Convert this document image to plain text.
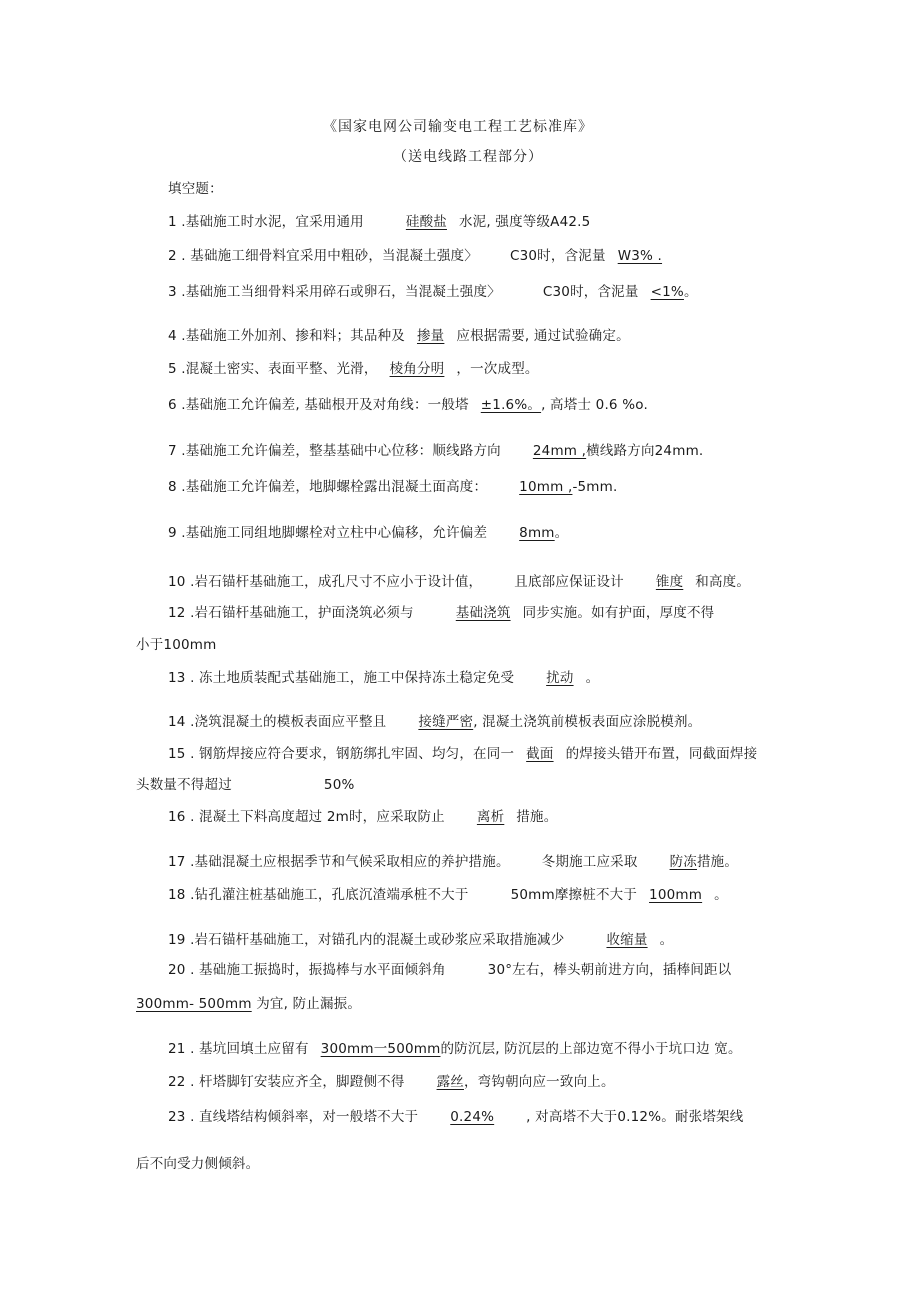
《国家电网公司输变电工程工艺标准库》
（送电线路工程部分）
填空题：
1 .基础施工时水泥，宜采用通用	硅酸盐 水泥, 强度等级A42.5
2 . 基础施工细骨料宜采用中粗砂，当混凝土强度〉 C30时，含泥量 W3% .
3 .基础施工当细骨料采用碎石或卵石，当混凝土强度〉	C30时，含泥量 <1%。
4 .基础施工外加剂、掺和料；其品种及 掺量 应根据需要, 通过试验确定。
5 .混凝土密实、表面平整、光滑， 棱角分明 ，一次成型。
6 .基础施工允许偏差, 基础根开及对角线：一般塔 ±1.6%。, 高塔士 0.6 %o.
7 .基础施工允许偏差，整基基础中心位移：顺线路方向 24mm ,横线路方向24mm.
8 .基础施工允许偏差，地脚螺栓露出混凝土面高度： 10mm ,-5mm.
9 .基础施工同组地脚螺栓对立柱中心偏移，允许偏差 8mm。
10 .岩石锚杆基础施工，成孔尺寸不应小于设计值， 且底部应保证设计 锥度 和高度。
12 .岩石锚杆基础施工，护面浇筑必须与	基础浇筑 同步实施。如有护面，厚度不得
小于100mm
13 . 冻土地质装配式基础施工，施工中保持冻土稳定免受 扰动 。
14 .浇筑混凝土的模板表面应平整且 接缝严密, 混凝土浇筑前模板表面应涂脱模剂。
15 . 钢筋焊接应符合要求，钢筋绑扎牢固、均匀，在同一 截面 的焊接头错开布置，同截面焊接
头数量不得超过	50%
16 . 混凝土下料高度超过 2m时，应采取防止 离析 措施。
17 .基础混凝土应根据季节和气候采取相应的养护措施。 冬期施工应采取 防冻措施。
18 .钻孔灌注桩基础施工，孔底沉渣端承桩不大于	50mm摩擦桩不大于 100mm 。
19 .岩石锚杆基础施工，对锚孔内的混凝土或砂浆应采取措施减少	收缩量 。
20 . 基础施工振捣时，振捣棒与水平面倾斜角	30°左右，棒头朝前进方向，插棒间距以
300mm- 500mm 为宜, 防止漏振。
21 . 基坑回填土应留有 300mm一500mm的防沉层, 防沉层的上部边宽不得小于坑口边 宽。
22 . 杆塔脚钉安装应齐全，脚蹬侧不得 露丝，弯钩朝向应一致向上。
23 . 直线塔结构倾斜率，对一般塔不大于 0.24% , 对高塔不大于0.12%。耐张塔架线
后不向受力侧倾斜。
